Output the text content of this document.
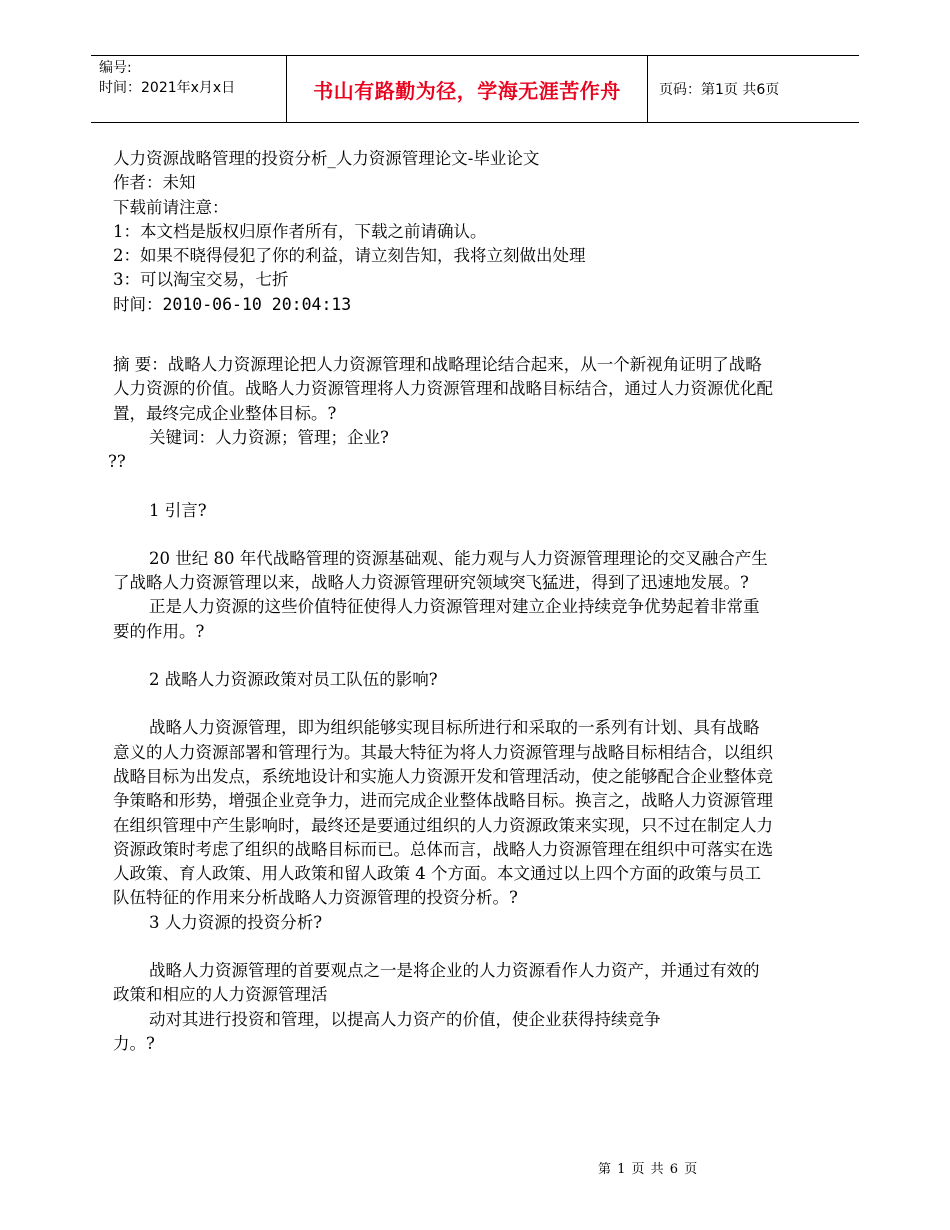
编号:
时间：2021年x月x日	书山有路勤为径，学海无涯苦作舟	页码：第1页 共6页

人力资源战略管理的投资分析_人力资源管理论文-毕业论文

作者：未知

下载前请注意：

1：本文档是版权归原作者所有，下载之前请确认。

2：如果不晓得侵犯了你的利益，请立刻告知，我将立刻做出处理

3：可以淘宝交易，七折

时间：2010-06-10 20:04:13

摘 要：战略人力资源理论把人力资源管理和战略理论结合起来，从一个新视角证明了战略人力资源的价值。战略人力资源管理将人力资源管理和战略目标结合，通过人力资源优化配置，最终完成企业整体目标。?

关键词：人力资源；管理；企业?

??

1 引言?

20 世纪 80 年代战略管理的资源基础观、能力观与人力资源管理理论的交叉融合产生了战略人力资源管理以来，战略人力资源管理研究领域突飞猛进，得到了迅速地发展。?

正是人力资源的这些价值特征使得人力资源管理对建立企业持续竞争优势起着非常重要的作用。?

2 战略人力资源政策对员工队伍的影响?

战略人力资源管理，即为组织能够实现目标所进行和采取的一系列有计划、具有战略意义的人力资源部署和管理行为。其最大特征为将人力资源管理与战略目标相结合，以组织战略目标为出发点，系统地设计和实施人力资源开发和管理活动，使之能够配合企业整体竞争策略和形势，增强企业竞争力，进而完成企业整体战略目标。换言之，战略人力资源管理在组织管理中产生影响时，最终还是要通过组织的人力资源政策来实现，只不过在制定人力资源政策时考虑了组织的战略目标而已。总体而言，战略人力资源管理在组织中可落实在选人政策、育人政策、用人政策和留人政策 4 个方面。本文通过以上四个方面的政策与员工队伍特征的作用来分析战略人力资源管理的投资分析。?

3 人力资源的投资分析?

战略人力资源管理的首要观点之一是将企业的人力资源看作人力资产，并通过有效的政策和相应的人力资源管理活

动对其进行投资和管理，以提高人力资产的价值，使企业获得持续竞争

力。?

第 1 页 共 6 页
